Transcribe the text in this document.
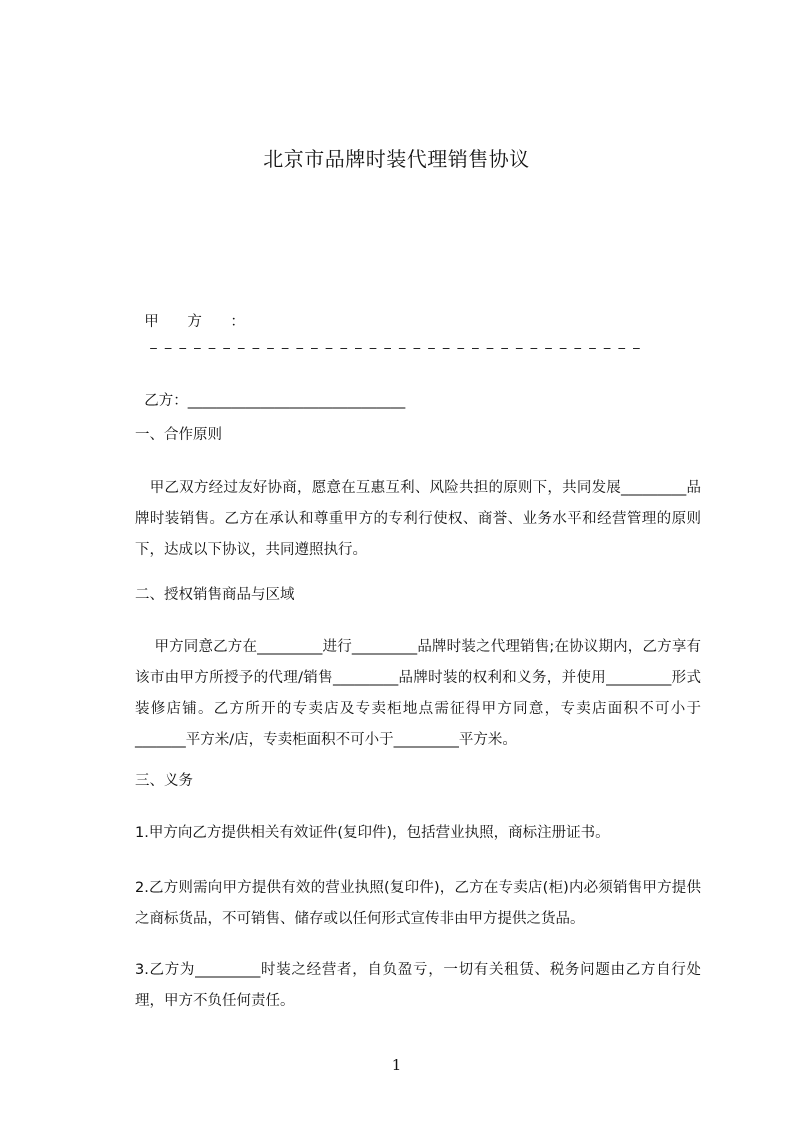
北京市品牌时装代理销售协议

甲 方 ：
_ _ _ _ _ _ _ _ _ _ _ _ _ _ _ _ _ _ _ _ _ _ _ _ _ _ _ _ _ _ _ _ _ _

乙方：______________________________

一、合作原则
　甲乙双方经过友好协商，愿意在互惠互利、风险共担的原则下，共同发展_________品牌时装销售。乙方在承认和尊重甲方的专利行使权、商誉、业务水平和经营管理的原则下，达成以下协议，共同遵照执行。
二、授权销售商品与区域
　 甲方同意乙方在_________进行_________品牌时装之代理销售;在协议期内，乙方享有该市由甲方所授予的代理/销售_________品牌时装的权利和义务，并使用_________形式装修店铺。乙方所开的专卖店及专卖柜地点需征得甲方同意，专卖店面积不可小于_______平方米/店，专卖柜面积不可小于_________平方米。
三、义务
1.甲方向乙方提供相关有效证件(复印件)，包括营业执照，商标注册证书。
2.乙方则需向甲方提供有效的营业执照(复印件)，乙方在专卖店(柜)内必须销售甲方提供之商标货品，不可销售、储存或以任何形式宣传非由甲方提供之货品。
3.乙方为_________时装之经营者，自负盈亏，一切有关租赁、税务问题由乙方自行处理，甲方不负任何责任。
1
